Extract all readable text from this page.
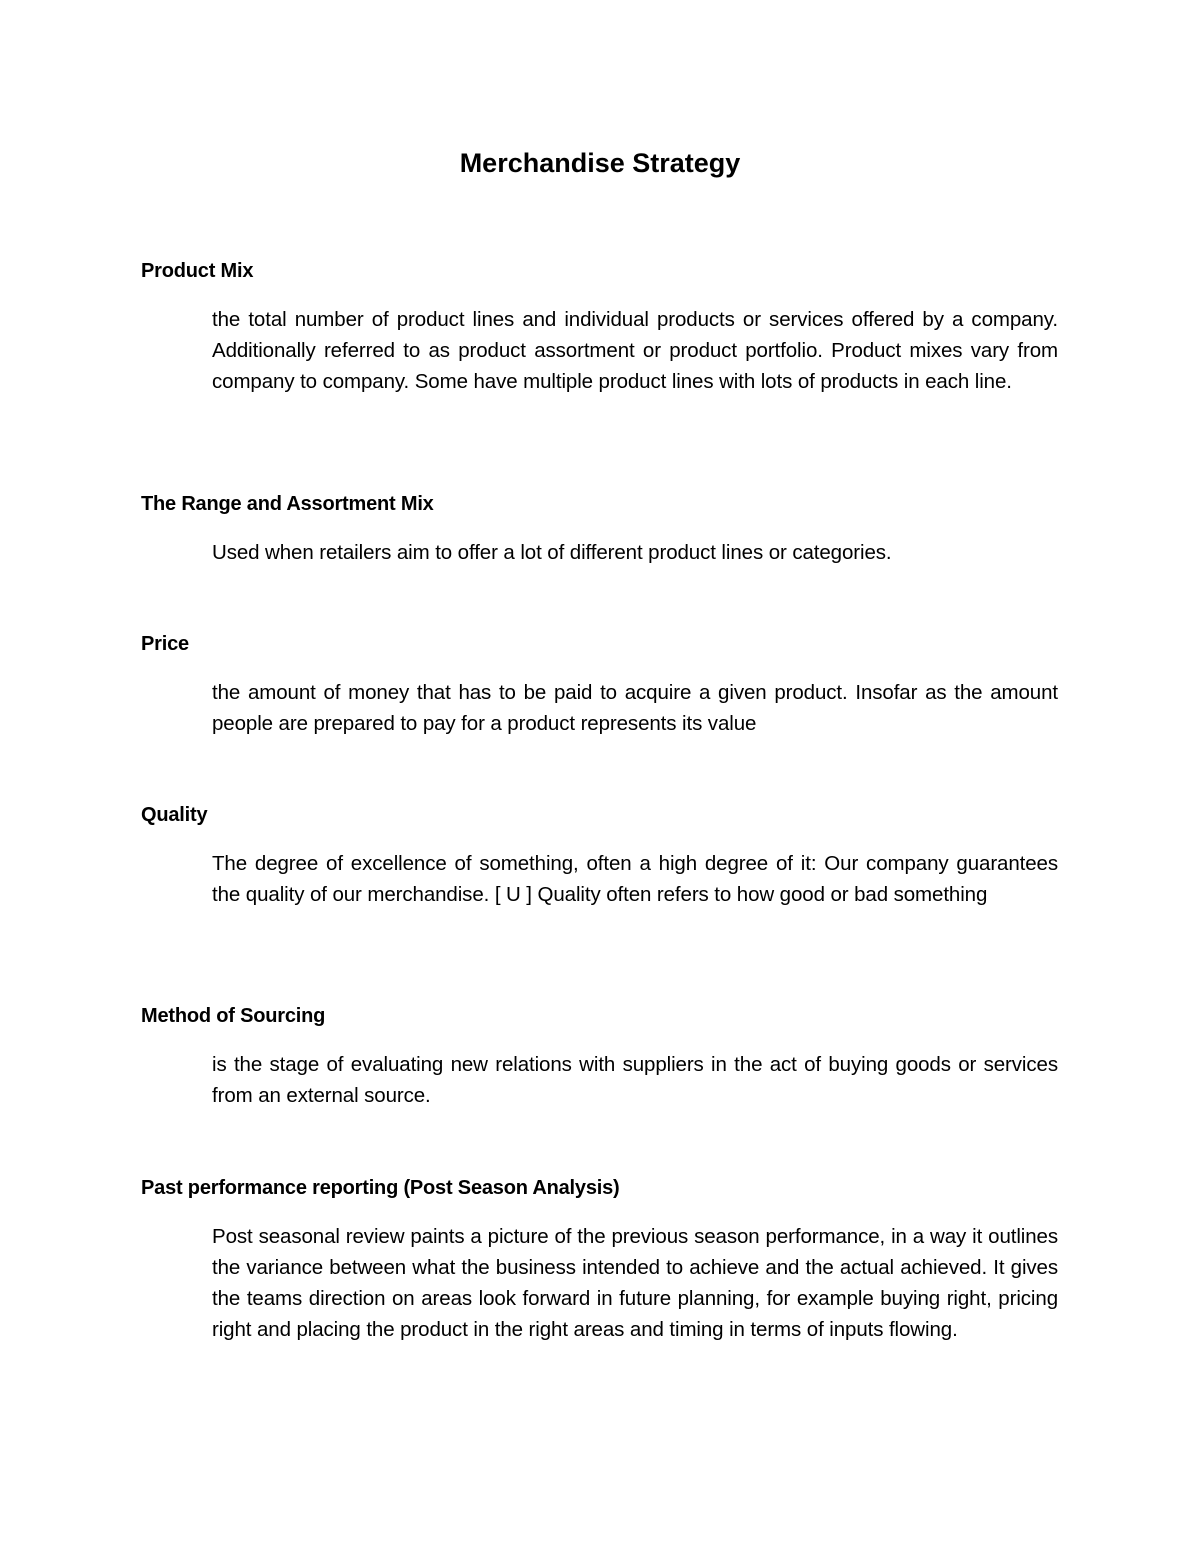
Merchandise Strategy
Product Mix

the total number of product lines and individual products or services offered by a company. Additionally referred to as product assortment or product portfolio. Product mixes vary from company to company. Some have multiple product lines with lots of products in each line.

The Range and Assortment Mix

Used when retailers aim to offer a lot of different product lines or categories.

Price

the amount of money that has to be paid to acquire a given product. Insofar as the amount people are prepared to pay for a product represents its value

Quality

The degree of excellence of something, often a high degree of it: Our company guarantees the quality of our merchandise. [ U ] Quality often refers to how good or bad something

Method of Sourcing

is the stage of evaluating new relations with suppliers in the act of buying goods or services from an external source.

Past performance reporting (Post Season Analysis)

Post seasonal review paints a picture of the previous season performance, in a way it outlines the variance between what the business intended to achieve and the actual achieved. It gives the teams direction on areas look forward in future planning, for example buying right, pricing right and placing the product in the right areas and timing in terms of inputs flowing.
